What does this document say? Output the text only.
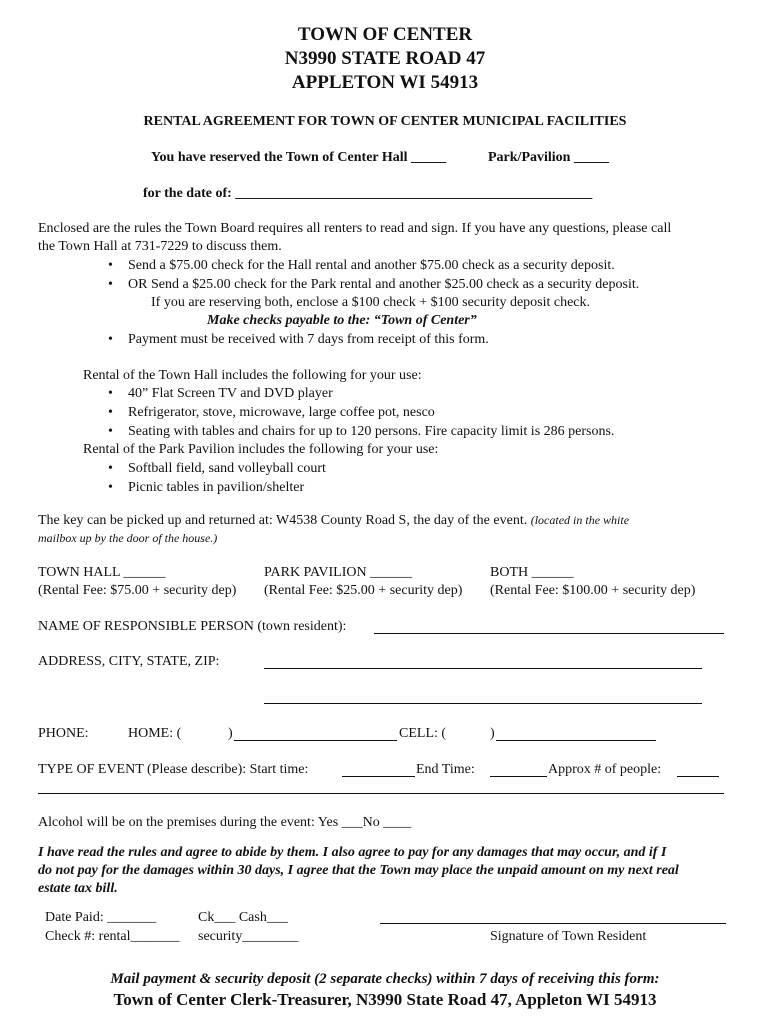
TOWN OF CENTER
N3990 STATE ROAD 47
APPLETON WI 54913
RENTAL AGREEMENT FOR TOWN OF CENTER MUNICIPAL FACILITIES
You have reserved the Town of Center Hall _____	Park/Pavilion _____
for the date of: ___________________________________________________
Enclosed are the rules the Town Board requires all renters to read and sign. If you have any questions, please call
the Town Hall at 731-7229 to discuss them.
• Send a $75.00 check for the Hall rental and another $75.00 check as a security deposit.
• OR Send a $25.00 check for the Park rental and another $25.00 check as a security deposit.
If you are reserving both, enclose a $100 check + $100 security deposit check.
Make checks payable to the: “Town of Center”
• Payment must be received with 7 days from receipt of this form.
Rental of the Town Hall includes the following for your use:
• 40” Flat Screen TV and DVD player
• Refrigerator, stove, microwave, large coffee pot, nesco
• Seating with tables and chairs for up to 120 persons. Fire capacity limit is 286 persons.
Rental of the Park Pavilion includes the following for your use:
• Softball field, sand volleyball court
• Picnic tables in pavilion/shelter
The key can be picked up and returned at: W4538 County Road S, the day of the event. (located in the white
mailbox up by the door of the house.)
TOWN HALL ______
(Rental Fee: $75.00 + security dep)
PARK PAVILION ______
(Rental Fee: $25.00 + security dep)
BOTH ______
(Rental Fee: $100.00 + security dep)
NAME OF RESPONSIBLE PERSON (town resident):
ADDRESS, CITY, STATE, ZIP:
PHONE:	HOME: (	)	CELL: (	)
TYPE OF EVENT (Please describe): Start time:	End Time:	Approx # of people:
Alcohol will be on the premises during the event: Yes ___No ____
I have read the rules and agree to abide by them. I also agree to pay for any damages that may occur, and if I
do not pay for the damages within 30 days, I agree that the Town may place the unpaid amount on my next real
estate tax bill.
Date Paid: _______	Ck___ Cash___
Check #: rental_______ security________	Signature of Town Resident
Mail payment & security deposit (2 separate checks) within 7 days of receiving this form:
Town of Center Clerk-Treasurer, N3990 State Road 47, Appleton WI 54913
